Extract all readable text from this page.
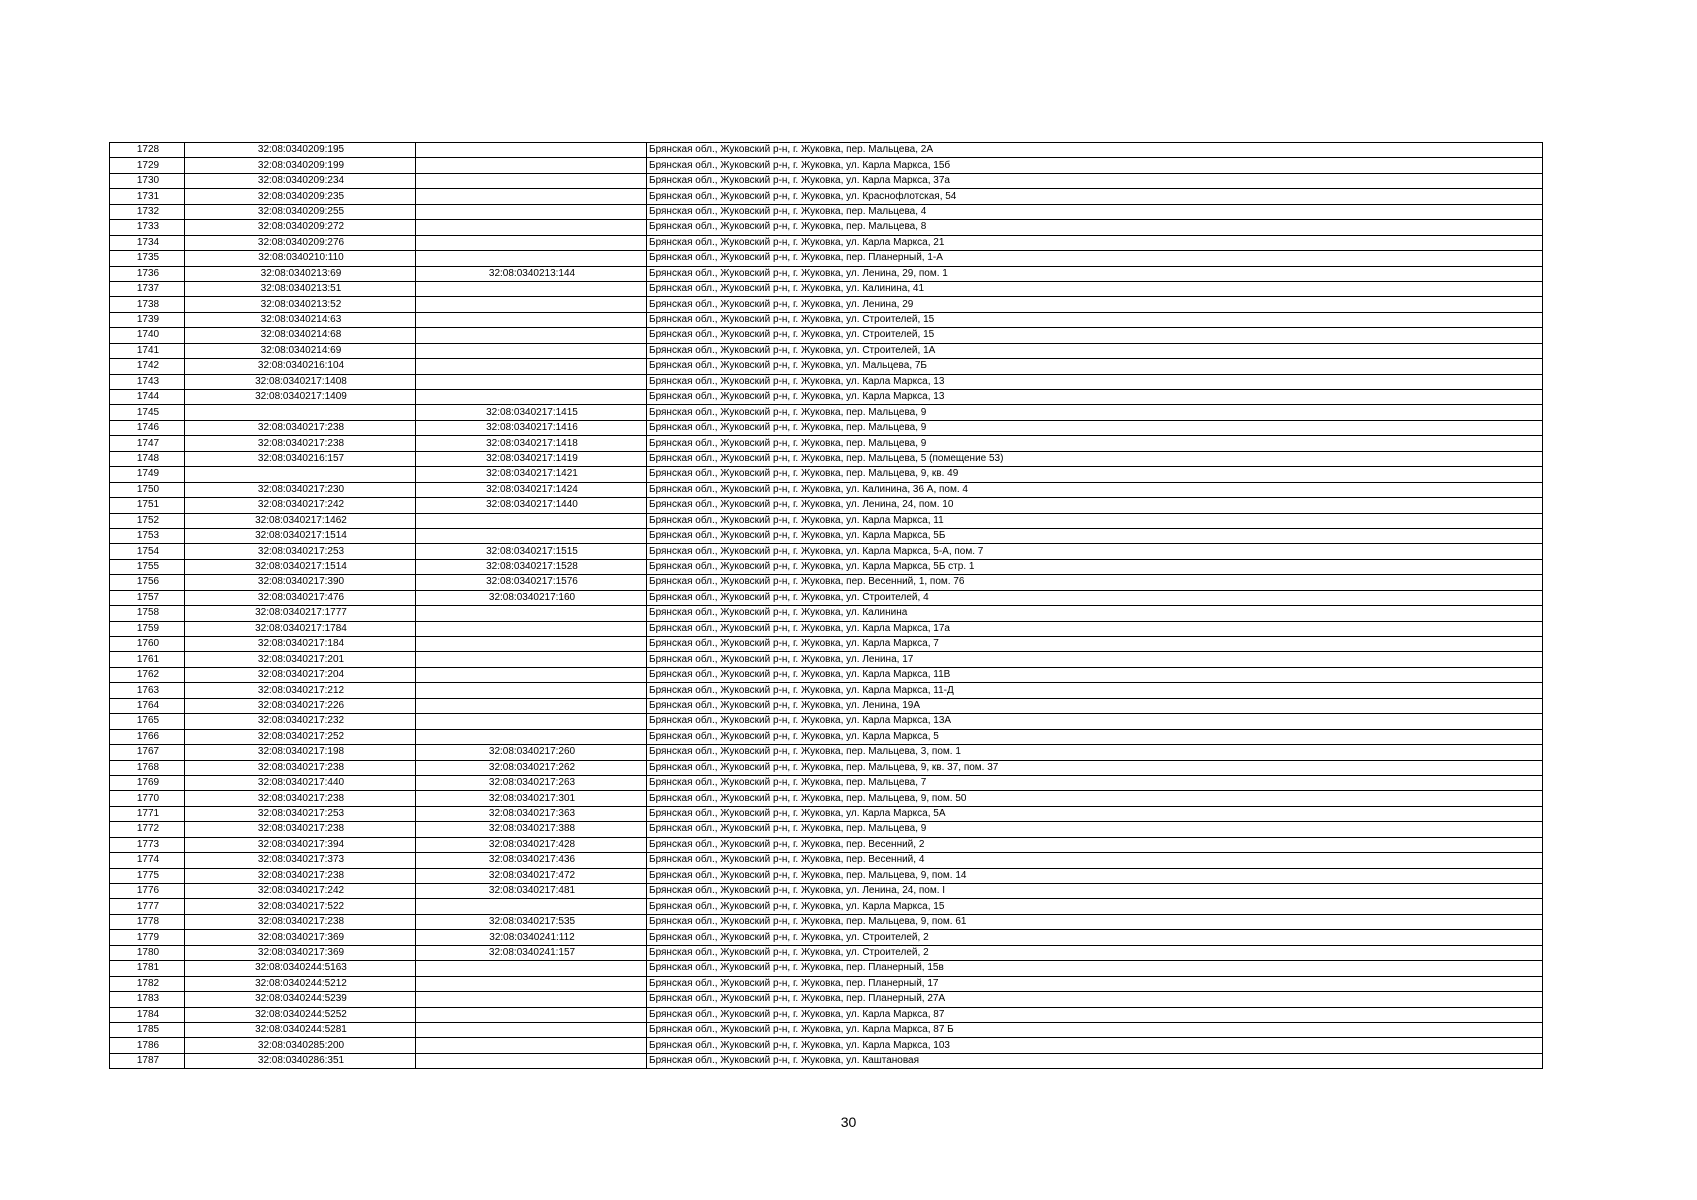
1728	32:08:0340209:195		Брянская обл., Жуковский р-н, г. Жуковка, пер. Мальцева, 2А
1729	32:08:0340209:199		Брянская обл., Жуковский р-н, г. Жуковка, ул. Карла Маркса, 15б
1730	32:08:0340209:234		Брянская обл., Жуковский р-н, г. Жуковка, ул. Карла Маркса, 37а
1731	32:08:0340209:235		Брянская обл., Жуковский р-н, г. Жуковка, ул. Краснофлотская, 54
1732	32:08:0340209:255		Брянская обл., Жуковский р-н, г. Жуковка, пер. Мальцева, 4
1733	32:08:0340209:272		Брянская обл., Жуковский р-н, г. Жуковка, пер. Мальцева, 8
1734	32:08:0340209:276		Брянская обл., Жуковский р-н, г. Жуковка, ул. Карла Маркса, 21
1735	32:08:0340210:110		Брянская обл., Жуковский р-н, г. Жуковка, пер. Планерный, 1-А
1736	32:08:0340213:69	32:08:0340213:144	Брянская обл., Жуковский р-н, г. Жуковка, ул. Ленина, 29, пом. 1
1737	32:08:0340213:51		Брянская обл., Жуковский р-н, г. Жуковка, ул. Калинина, 41
1738	32:08:0340213:52		Брянская обл., Жуковский р-н, г. Жуковка, ул. Ленина, 29
1739	32:08:0340214:63		Брянская обл., Жуковский р-н, г. Жуковка, ул. Строителей, 15
1740	32:08:0340214:68		Брянская обл., Жуковский р-н, г. Жуковка, ул. Строителей, 15
1741	32:08:0340214:69		Брянская обл., Жуковский р-н, г. Жуковка, ул. Строителей, 1А
1742	32:08:0340216:104		Брянская обл., Жуковский р-н, г. Жуковка, ул. Мальцева, 7Б
1743	32:08:0340217:1408		Брянская обл., Жуковский р-н, г. Жуковка, ул. Карла Маркса, 13
1744	32:08:0340217:1409		Брянская обл., Жуковский р-н, г. Жуковка, ул. Карла Маркса, 13
1745		32:08:0340217:1415	Брянская обл., Жуковский р-н, г. Жуковка, пер. Мальцева, 9
1746	32:08:0340217:238	32:08:0340217:1416	Брянская обл., Жуковский р-н, г. Жуковка, пер. Мальцева, 9
1747	32:08:0340217:238	32:08:0340217:1418	Брянская обл., Жуковский р-н, г. Жуковка, пер. Мальцева, 9
1748	32:08:0340216:157	32:08:0340217:1419	Брянская обл., Жуковский р-н, г. Жуковка, пер. Мальцева, 5 (помещение 53)
1749		32:08:0340217:1421	Брянская обл., Жуковский р-н, г. Жуковка, пер. Мальцева, 9, кв. 49
1750	32:08:0340217:230	32:08:0340217:1424	Брянская обл., Жуковский р-н, г. Жуковка, ул. Калинина, 36 А, пом. 4
1751	32:08:0340217:242	32:08:0340217:1440	Брянская обл., Жуковский р-н, г. Жуковка, ул. Ленина, 24, пом. 10
1752	32:08:0340217:1462		Брянская обл., Жуковский р-н, г. Жуковка, ул. Карла Маркса, 11
1753	32:08:0340217:1514		Брянская обл., Жуковский р-н, г. Жуковка, ул. Карла Маркса, 5Б
1754	32:08:0340217:253	32:08:0340217:1515	Брянская обл., Жуковский р-н, г. Жуковка, ул. Карла Маркса, 5-А, пом. 7
1755	32:08:0340217:1514	32:08:0340217:1528	Брянская обл., Жуковский р-н, г. Жуковка, ул. Карла Маркса, 5Б стр. 1
1756	32:08:0340217:390	32:08:0340217:1576	Брянская обл., Жуковский р-н, г. Жуковка, пер. Весенний, 1, пом. 76
1757	32:08:0340217:476	32:08:0340217:160	Брянская обл., Жуковский р-н, г. Жуковка, ул. Строителей, 4
1758	32:08:0340217:1777		Брянская обл., Жуковский р-н, г. Жуковка, ул. Калинина
1759	32:08:0340217:1784		Брянская обл., Жуковский р-н, г. Жуковка, ул. Карла Маркса, 17а
1760	32:08:0340217:184		Брянская обл., Жуковский р-н, г. Жуковка, ул. Карла Маркса, 7
1761	32:08:0340217:201		Брянская обл., Жуковский р-н, г. Жуковка, ул. Ленина, 17
1762	32:08:0340217:204		Брянская обл., Жуковский р-н, г. Жуковка, ул. Карла Маркса, 11В
1763	32:08:0340217:212		Брянская обл., Жуковский р-н, г. Жуковка, ул. Карла Маркса, 11-Д
1764	32:08:0340217:226		Брянская обл., Жуковский р-н, г. Жуковка, ул. Ленина, 19А
1765	32:08:0340217:232		Брянская обл., Жуковский р-н, г. Жуковка, ул. Карла Маркса, 13А
1766	32:08:0340217:252		Брянская обл., Жуковский р-н, г. Жуковка, ул. Карла Маркса, 5
1767	32:08:0340217:198	32:08:0340217:260	Брянская обл., Жуковский р-н, г. Жуковка, пер. Мальцева, 3, пом. 1
1768	32:08:0340217:238	32:08:0340217:262	Брянская обл., Жуковский р-н, г. Жуковка, пер. Мальцева, 9, кв. 37, пом. 37
1769	32:08:0340217:440	32:08:0340217:263	Брянская обл., Жуковский р-н, г. Жуковка, пер. Мальцева, 7
1770	32:08:0340217:238	32:08:0340217:301	Брянская обл., Жуковский р-н, г. Жуковка, пер. Мальцева, 9, пом. 50
1771	32:08:0340217:253	32:08:0340217:363	Брянская обл., Жуковский р-н, г. Жуковка, ул. Карла Маркса, 5А
1772	32:08:0340217:238	32:08:0340217:388	Брянская обл., Жуковский р-н, г. Жуковка, пер. Мальцева, 9
1773	32:08:0340217:394	32:08:0340217:428	Брянская обл., Жуковский р-н, г. Жуковка, пер. Весенний, 2
1774	32:08:0340217:373	32:08:0340217:436	Брянская обл., Жуковский р-н, г. Жуковка, пер. Весенний, 4
1775	32:08:0340217:238	32:08:0340217:472	Брянская обл., Жуковский р-н, г. Жуковка, пер. Мальцева, 9, пом. 14
1776	32:08:0340217:242	32:08:0340217:481	Брянская обл., Жуковский р-н, г. Жуковка, ул. Ленина, 24, пом. I
1777	32:08:0340217:522		Брянская обл., Жуковский р-н, г. Жуковка, ул. Карла Маркса, 15
1778	32:08:0340217:238	32:08:0340217:535	Брянская обл., Жуковский р-н, г. Жуковка, пер. Мальцева, 9, пом. 61
1779	32:08:0340217:369	32:08:0340241:112	Брянская обл., Жуковский р-н, г. Жуковка, ул. Строителей, 2
1780	32:08:0340217:369	32:08:0340241:157	Брянская обл., Жуковский р-н, г. Жуковка, ул. Строителей, 2
1781	32:08:0340244:5163		Брянская обл., Жуковский р-н, г. Жуковка, пер. Планерный, 15в
1782	32:08:0340244:5212		Брянская обл., Жуковский р-н, г. Жуковка, пер. Планерный, 17
1783	32:08:0340244:5239		Брянская обл., Жуковский р-н, г. Жуковка, пер. Планерный, 27А
1784	32:08:0340244:5252		Брянская обл., Жуковский р-н, г. Жуковка, ул. Карла Маркса, 87
1785	32:08:0340244:5281		Брянская обл., Жуковский р-н, г. Жуковка, ул. Карла Маркса, 87 Б
1786	32:08:0340285:200		Брянская обл., Жуковский р-н, г. Жуковка, ул. Карла Маркса, 103
1787	32:08:0340286:351		Брянская обл., Жуковский р-н, г. Жуковка, ул. Каштановая
30
